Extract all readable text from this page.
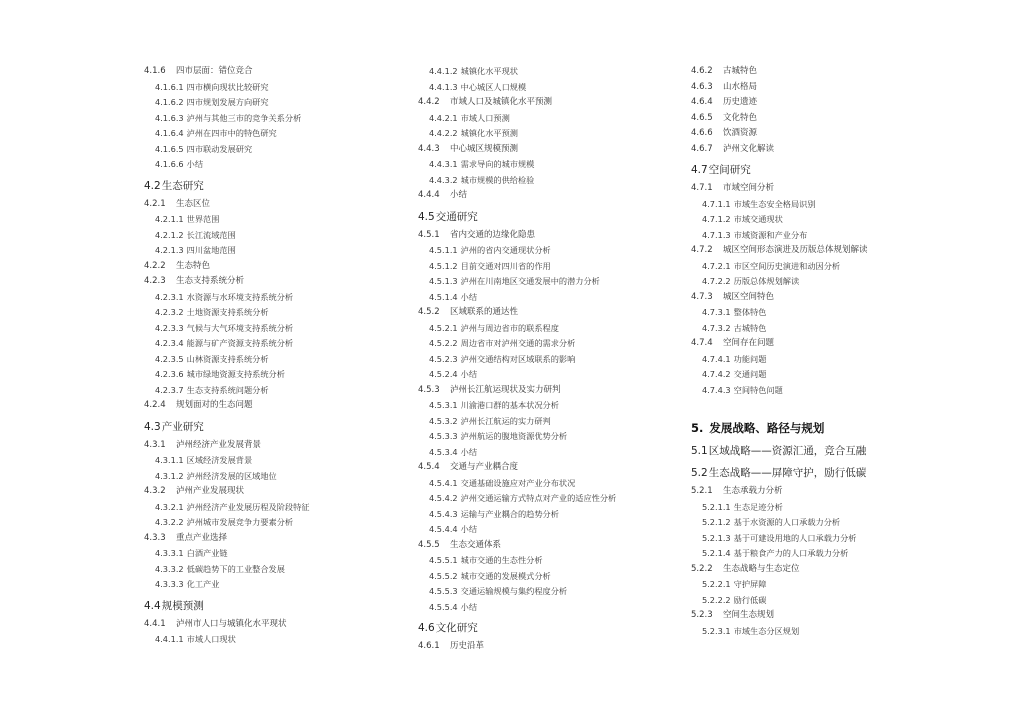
4.1.6 四市层面：错位竞合
4.1.6.1 四市横向现状比较研究
4.1.6.2 四市规划发展方向研究
4.1.6.3 泸州与其他三市的竞争关系分析
4.1.6.4 泸州在四市中的特色研究
4.1.6.5 四市联动发展研究
4.1.6.6 小结
4.2生态研究
4.2.1 生态区位
4.2.1.1 世界范围
4.2.1.2 长江流域范围
4.2.1.3 四川盆地范围
4.2.2 生态特色
4.2.3 生态支持系统分析
4.2.3.1 水资源与水环境支持系统分析
4.2.3.2 土地资源支持系统分析
4.2.3.3 气候与大气环境支持系统分析
4.2.3.4 能源与矿产资源支持系统分析
4.2.3.5 山林资源支持系统分析
4.2.3.6 城市绿地资源支持系统分析
4.2.3.7 生态支持系统问题分析
4.2.4 规划面对的生态问题
4.3产业研究
4.3.1 泸州经济产业发展背景
4.3.1.1 区域经济发展背景
4.3.1.2 泸州经济发展的区域地位
4.3.2 泸州产业发展现状
4.3.2.1 泸州经济产业发展历程及阶段特征
4.3.2.2 泸州城市发展竞争力要素分析
4.3.3 重点产业选择
4.3.3.1 白酒产业链
4.3.3.2 低碳趋势下的工业整合发展
4.3.3.3 化工产业
4.4规模预测
4.4.1 泸州市人口与城镇化水平现状
4.4.1.1 市域人口现状
4.4.1.2 城镇化水平现状
4.4.1.3 中心城区人口规模
4.4.2 市域人口及城镇化水平预测
4.4.2.1 市域人口预测
4.4.2.2 城镇化水平预测
4.4.3 中心城区规模预测
4.4.3.1 需求导向的城市规模
4.4.3.2 城市规模的供给检验
4.4.4 小结
4.5交通研究
4.5.1 省内交通的边缘化隐患
4.5.1.1 泸州的省内交通现状分析
4.5.1.2 目前交通对四川省的作用
4.5.1.3 泸州在川南地区交通发展中的潜力分析
4.5.1.4 小结
4.5.2 区域联系的通达性
4.5.2.1 泸州与周边省市的联系程度
4.5.2.2 周边省市对泸州交通的需求分析
4.5.2.3 泸州交通结构对区域联系的影响
4.5.2.4 小结
4.5.3 泸州长江航运现状及实力研判
4.5.3.1 川渝港口群的基本状况分析
4.5.3.2 泸州长江航运的实力研判
4.5.3.3 泸州航运的腹地资源优势分析
4.5.3.4 小结
4.5.4 交通与产业耦合度
4.5.4.1 交通基础设施应对产业分布状况
4.5.4.2 泸州交通运输方式特点对产业的适应性分析
4.5.4.3 运输与产业耦合的趋势分析
4.5.4.4 小结
4.5.5 生态交通体系
4.5.5.1 城市交通的生态性分析
4.5.5.2 城市交通的发展模式分析
4.5.5.3 交通运输规模与集约程度分析
4.5.5.4 小结
4.6文化研究
4.6.1 历史沿革
4.6.2 古城特色
4.6.3 山水格局
4.6.4 历史遗迹
4.6.5 文化特色
4.6.6 饮酒资源
4.6.7 泸州文化解读
4.7空间研究
4.7.1 市域空间分析
4.7.1.1 市域生态安全格局识别
4.7.1.2 市域交通现状
4.7.1.3 市域资源和产业分布
4.7.2 城区空间形态演进及历版总体规划解读
4.7.2.1 市区空间历史演进和动因分析
4.7.2.2 历版总体规划解读
4.7.3 城区空间特色
4.7.3.1 整体特色
4.7.3.2 古城特色
4.7.4 空间存在问题
4.7.4.1 功能问题
4.7.4.2 交通问题
4.7.4.3 空间特色问题
5. 发展战略、路径与规划
5.1区域战略——资源汇通，竞合互融
5.2生态战略——屏障守护，励行低碳
5.2.1 生态承载力分析
5.2.1.1 生态足迹分析
5.2.1.2 基于水资源的人口承载力分析
5.2.1.3 基于可建设用地的人口承载力分析
5.2.1.4 基于粮食产力的人口承载力分析
5.2.2 生态战略与生态定位
5.2.2.1 守护屏障
5.2.2.2 励行低碳
5.2.3 空间生态规划
5.2.3.1 市域生态分区规划
